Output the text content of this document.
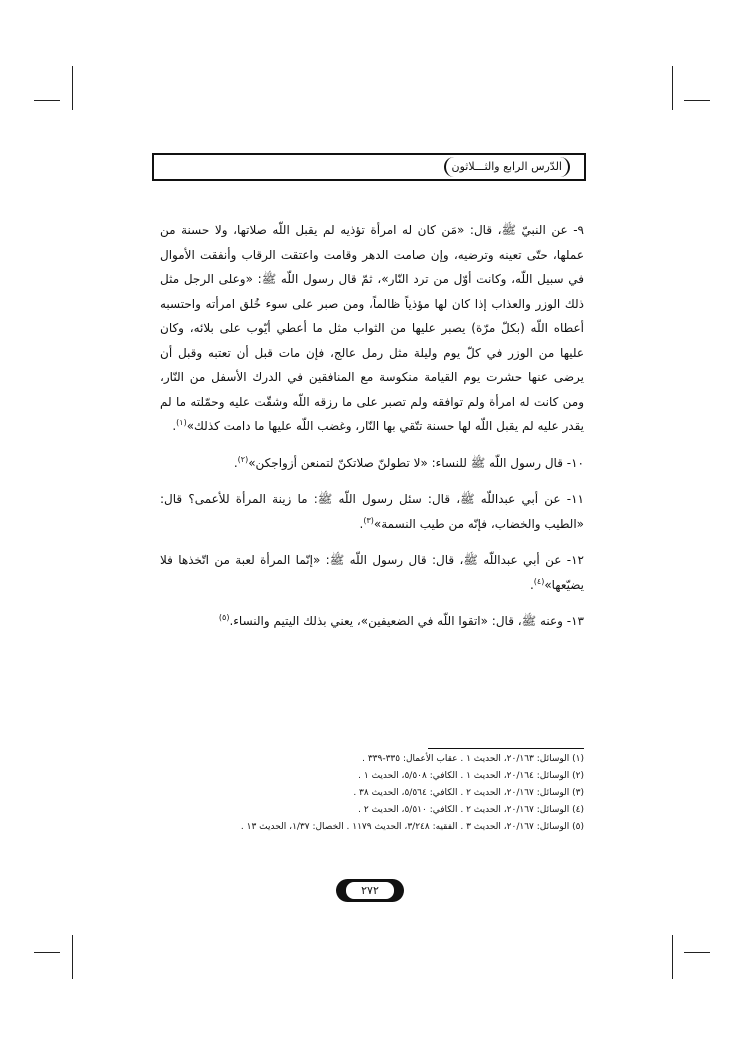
الدّرس الرابع والثـــلاثون

٩- عن النبيّ ﷺ، قال: «مَن كان له امرأة تؤذيه لم يقبل اللّه صلاتها، ولا حسنة من عملها، حتّى تعينه وترضيه، وإن صامت الدهر وقامت واعتقت الرقاب وأنفقت الأموال في سبيل اللّه، وكانت أوّل من ترد النّار»، ثمّ قال رسول اللّه ﷺ: «وعلى الرجل مثل ذلك الوزر والعذاب إذا كان لها مؤذياً ظالماً، ومن صبر على سوء خُلق امرأته واحتسبه أعطاه اللّه (بكلّ مرّة) يصبر عليها من الثواب مثل ما أعطي أيّوب على بلائه، وكان عليها من الوزر في كلّ يوم وليلة مثل رمل عالج، فإن مات قبل أن تعتبه وقبل أن يرضى عنها حشرت يوم القيامة منكوسة مع المنافقين في الدرك الأسفل من النّار، ومن كانت له امرأة ولم توافقه ولم تصبر على ما رزقه اللّه وشقّت عليه وحمّلته ما لم يقدر عليه لم يقبل اللّه لها حسنة تتّقي بها النّار، وغضب اللّه عليها ما دامت كذلك»$^{(١)}$.

١٠- قال رسول اللّه ﷺ للنساء: «لا تطولنّ صلاتكنّ لتمنعن أزواجكن»$^{(٢)}$.

١١- عن أبي عبداللّه ﷺ، قال: سئل رسول اللّه ﷺ: ما زينة المرأة للأعمى؟ قال: «الطيب والخضاب، فإنّه من طيب النسمة»$^{(٣)}$.

١٢- عن أبي عبداللّه ﷺ، قال: قال رسول اللّه ﷺ: «إنّما المرأة لعبة من اتّخذها فلا يضيّعها»$^{(٤)}$.

١٣- وعنه ﷺ، قال: «اتقوا اللّه في الضعيفين»، يعني بذلك اليتيم والنساء.$^{(٥)}$

(١) الوسائل: ٢٠/١٦٣، الحديث ١ . عقاب الأعمال: ٣٣٥-٣٣٩ .

(٢) الوسائل: ٢٠/١٦٤، الحديث ١ . الكافي: ٥/٥٠٨، الحديث ١ .

(٣) الوسائل: ٢٠/١٦٧، الحديث ٢ . الكافي: ٥/٥٦٤، الحديث ٣٨ .

(٤) الوسائل: ٢٠/١٦٧، الحديث ٢ . الكافي: ٥/٥١٠، الحديث ٢ .

(٥) الوسائل: ٢٠/١٦٧، الحديث ٣ . الفقيه: ٣/٢٤٨، الحديث ١١٧٩ . الخصال: ١/٣٧، الحديث ١٣ .

٢٧٢
